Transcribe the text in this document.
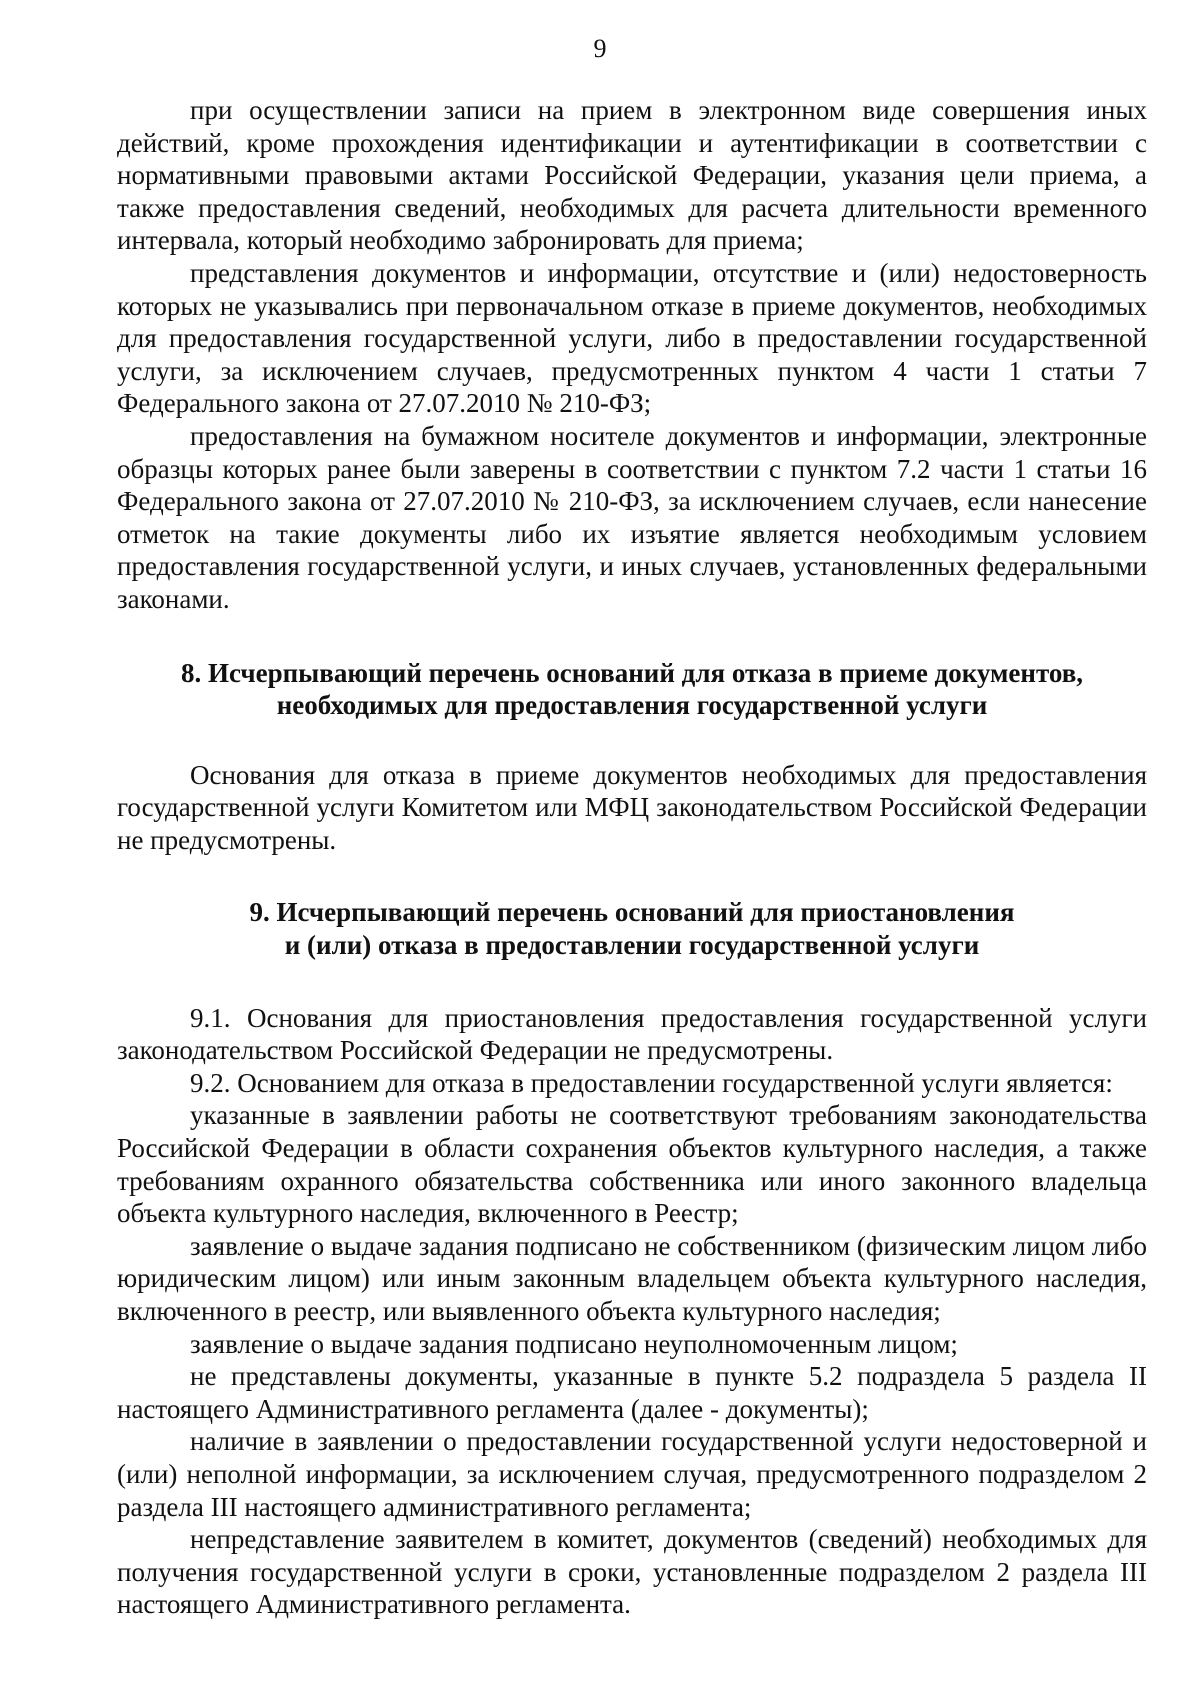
9

при осуществлении записи на прием в электронном виде совершения иных действий, кроме прохождения идентификации и аутентификации в соответствии с нормативными правовыми актами Российской Федерации, указания цели приема, а также предоставления сведений, необходимых для расчета длительности временного интервала, который необходимо забронировать для приема;

представления документов и информации, отсутствие и (или) недостоверность которых не указывались при первоначальном отказе в приеме документов, необходимых для предоставления государственной услуги, либо в предоставлении государственной услуги, за исключением случаев, предусмотренных пунктом 4 части 1 статьи 7 Федерального закона от 27.07.2010 № 210-ФЗ;

предоставления на бумажном носителе документов и информации, электронные образцы которых ранее были заверены в соответствии с пунктом 7.2 части 1 статьи 16 Федерального закона от 27.07.2010 № 210-ФЗ, за исключением случаев, если нанесение отметок на такие документы либо их изъятие является необходимым условием предоставления государственной услуги, и иных случаев, установленных федеральными законами.

8. Исчерпывающий перечень оснований для отказа в приеме документов,

необходимых для предоставления государственной услуги

Основания для отказа в приеме документов необходимых для предоставления государственной услуги Комитетом или МФЦ законодательством Российской Федерации не предусмотрены.

9. Исчерпывающий перечень оснований для приостановления

и (или) отказа в предоставлении государственной услуги

9.1. Основания для приостановления предоставления государственной услуги законодательством Российской Федерации не предусмотрены.

9.2. Основанием для отказа в предоставлении государственной услуги является:

указанные в заявлении работы не соответствуют требованиям законодательства Российской Федерации в области сохранения объектов культурного наследия, а также требованиям охранного обязательства собственника или иного законного владельца объекта культурного наследия, включенного в Реестр;

заявление о выдаче задания подписано не собственником (физическим лицом либо юридическим лицом) или иным законным владельцем объекта культурного наследия, включенного в реестр, или выявленного объекта культурного наследия;

заявление о выдаче задания подписано неуполномоченным лицом;

не представлены документы, указанные в пункте 5.2 подраздела 5 раздела II настоящего Административного регламента (далее - документы);

наличие в заявлении о предоставлении государственной услуги недостоверной и (или) неполной информации, за исключением случая, предусмотренного подразделом 2 раздела III настоящего административного регламента;

непредставление заявителем в комитет, документов (сведений) необходимых для получения государственной услуги в сроки, установленные подразделом 2 раздела III настоящего Административного регламента.
